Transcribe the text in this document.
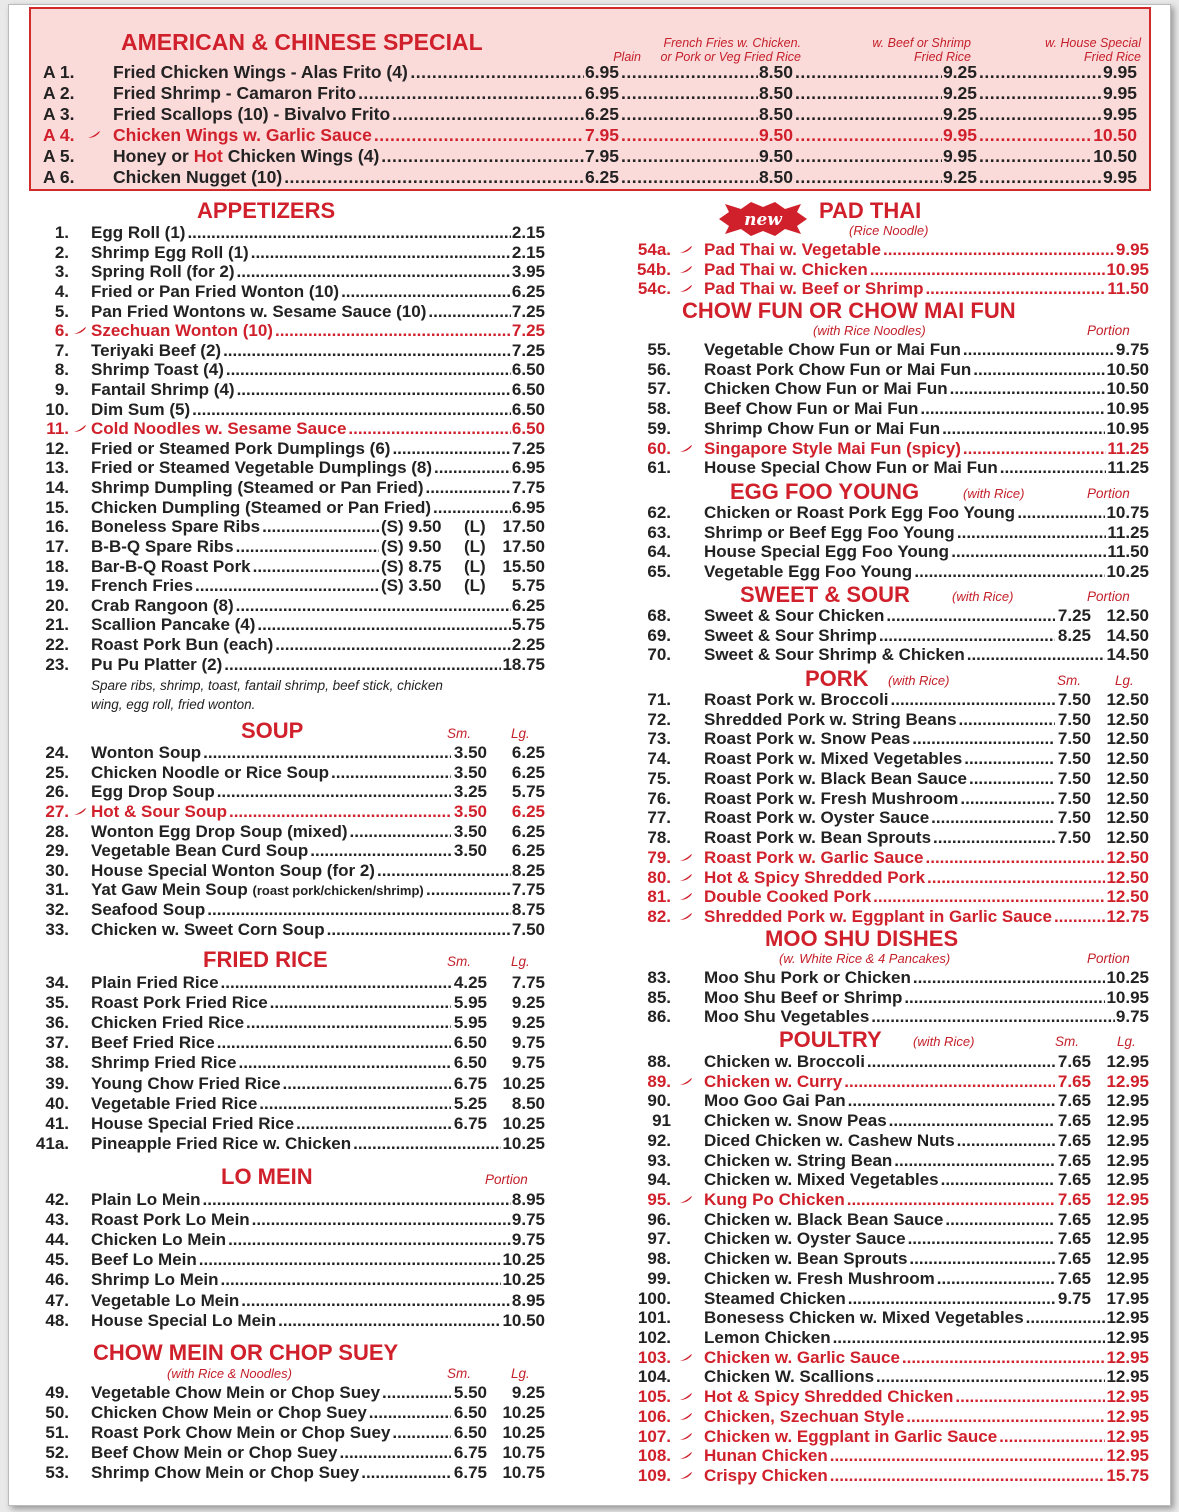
AMERICAN & CHINESE SPECIAL
Plain
French Fries w. Chicken.
or Pork or Veg Fried Rice
w. Beef or Shrimp
Fried Rice
w. House Special
Fried Rice
A 1.	Fried Chicken Wings - Alas Frito (4) .....	6.95 .....	8.50 .....	9.25 .....	9.95
A 2.	Fried Shrimp - Camaron Frito .....	6.95 .....	8.50 .....	9.25 .....	9.95
A 3.	Fried Scallops (10) - Bivalvo Frito .....	6.25 .....	8.50 .....	9.25 .....	9.95
A 4.	Chicken Wings w. Garlic Sauce .....	7.95 .....	9.50 .....	9.95 .....	10.50
A 5.	Honey or Hot Chicken Wings (4) .....	7.95 .....	9.50 .....	9.95 .....	10.50
A 6.	Chicken Nugget (10) .....	6.25 .....	8.50 .....	9.25 .....	9.95
APPETIZERS
Spare ribs, shrimp, toast, fantail shrimp, beef stick, chicken
wing, egg roll, fried wonton.
SOUP	Sm.	Lg.
FRIED RICE	Sm.	Lg.
LO MEIN	Portion
CHOW MEIN OR CHOP SUEY
(with Rice & Noodles)	Sm.	Lg.
new PAD THAI
(Rice Noodle)
CHOW FUN OR CHOW MAI FUN
(with Rice Noodles)	Portion
EGG FOO YOUNG	(with Rice)	Portion
SWEET & SOUR	(with Rice)	Portion
PORK (with Rice)	Sm.	Lg.
MOO SHU DISHES
(w. White Rice & 4 Pancakes)	Portion
POULTRY (with Rice)	Sm.	Lg.
1. Egg Roll (1) .....	2.15
2. Shrimp Egg Roll (1) .....	2.15
3. Spring Roll (for 2) .....	3.95
4. Fried or Pan Fried Wonton (10) .....	6.25
5. Pan Fried Wontons w. Sesame Sauce (10) .....	7.25
6. Szechuan Wonton (10) .....	7.25
7. Teriyaki Beef (2) .....	7.25
8. Shrimp Toast (4) .....	6.50
9. Fantail Shrimp (4) .....	6.50
10. Dim Sum (5) .....	6.50
11. Cold Noodles w. Sesame Sauce .....	6.50
12. Fried or Steamed Pork Dumplings (6) .....	7.25
13. Fried or Steamed Vegetable Dumplings (8) .....	6.95
14. Shrimp Dumpling (Steamed or Pan Fried) .....	7.75
15. Chicken Dumpling (Steamed or Pan Fried) .....	6.95
16. Boneless Spare Ribs .....	(S) 9.50 (L) 17.50
17. B-B-Q Spare Ribs .....	(S) 9.50 (L) 17.50
18. Bar-B-Q Roast Pork .....	(S) 8.75 (L) 15.50
19. French Fries .....	(S) 3.50 (L)	5.75
20. Crab Rangoon (8) .....	6.25
21. Scallion Pancake (4) .....	5.75
22. Roast Pork Bun (each) .....	2.25
23. Pu Pu Platter (2) .....	18.75
24. Wonton Soup .....	3.50	6.25
25. Chicken Noodle or Rice Soup .....	3.50	6.25
26. Egg Drop Soup .....	3.25	5.75
27. Hot & Sour Soup .....	3.50	6.25
28. Wonton Egg Drop Soup (mixed) .....	3.50	6.25
29. Vegetable Bean Curd Soup .....	3.50	6.25
30. House Special Wonton Soup (for 2) .....	8.25
31. Yat Gaw Mein Soup (roast pork/chicken/shrimp) .....	7.75
32. Seafood Soup .....	8.75
33. Chicken w. Sweet Corn Soup .....	7.50
34. Plain Fried Rice .....	4.25	7.75
35. Roast Pork Fried Rice .....	5.95	9.25
36. Chicken Fried Rice .....	5.95	9.25
37. Beef Fried Rice .....	6.50	9.75
38. Shrimp Fried Rice .....	6.50	9.75
39. Young Chow Fried Rice .....	6.75 10.25
40. Vegetable Fried Rice .....	5.25	8.50
41. House Special Fried Rice .....	6.75 10.25
41a. Pineapple Fried Rice w. Chicken .....	10.25
42. Plain Lo Mein .....	8.95
43. Roast Pork Lo Mein .....	9.75
44. Chicken Lo Mein .....	9.75
45. Beef Lo Mein .....	10.25
46. Shrimp Lo Mein .....	10.25
47. Vegetable Lo Mein .....	8.95
48. House Special Lo Mein .....	10.50
49. Vegetable Chow Mein or Chop Suey .....	5.50	9.25
50. Chicken Chow Mein or Chop Suey .....	6.50 10.25
51. Roast Pork Chow Mein or Chop Suey .....	6.50 10.25
52. Beef Chow Mein or Chop Suey .....	6.75 10.75
53. Shrimp Chow Mein or Chop Suey .....	6.75 10.75
54a. Pad Thai w. Vegetable .....	9.95
54b. Pad Thai w. Chicken .....	10.95
54c. Pad Thai w. Beef or Shrimp .....	11.50
55. Vegetable Chow Fun or Mai Fun .....	9.75
56. Roast Pork Chow Fun or Mai Fun .....	10.50
57. Chicken Chow Fun or Mai Fun .....	10.50
58. Beef Chow Fun or Mai Fun .....	10.95
59. Shrimp Chow Fun or Mai Fun .....	10.95
60. Singapore Style Mai Fun (spicy) .....	11.25
61. House Special Chow Fun or Mai Fun .....	11.25
62. Chicken or Roast Pork Egg Foo Young .....	10.75
63. Shrimp or Beef Egg Foo Young .....	11.25
64. House Special Egg Foo Young .....	11.50
65. Vegetable Egg Foo Young .....	10.25
68. Sweet & Sour Chicken .....	7.25 12.50
69. Sweet & Sour Shrimp .....	8.25 14.50
70. Sweet & Sour Shrimp & Chicken .....	14.50
71. Roast Pork w. Broccoli .....	7.50 12.50
72. Shredded Pork w. String Beans .....	7.50 12.50
73. Roast Pork w. Snow Peas .....	7.50 12.50
74. Roast Pork w. Mixed Vegetables .....	7.50 12.50
75. Roast Pork w. Black Bean Sauce .....	7.50 12.50
76. Roast Pork w. Fresh Mushroom .....	7.50 12.50
77. Roast Pork w. Oyster Sauce .....	7.50 12.50
78. Roast Pork w. Bean Sprouts .....	7.50 12.50
79. Roast Pork w. Garlic Sauce .....	12.50
80. Hot & Spicy Shredded Pork .....	12.50
81. Double Cooked Pork .....	12.50
82. Shredded Pork w. Eggplant in Garlic Sauce .....	12.75
83. Moo Shu Pork or Chicken .....	10.25
85. Moo Shu Beef or Shrimp .....	10.95
86. Moo Shu Vegetables .....	9.75
88. Chicken w. Broccoli .....	7.65 12.95
89. Chicken w. Curry .....	7.65 12.95
90. Moo Goo Gai Pan .....	7.65 12.95
91 Chicken w. Snow Peas .....	7.65 12.95
92. Diced Chicken w. Cashew Nuts .....	7.65 12.95
93. Chicken w. String Bean .....	7.65 12.95
94. Chicken w. Mixed Vegetables .....	7.65 12.95
95. Kung Po Chicken .....	7.65 12.95
96. Chicken w. Black Bean Sauce .....	7.65 12.95
97. Chicken w. Oyster Sauce .....	7.65 12.95
98. Chicken w. Bean Sprouts .....	7.65 12.95
99. Chicken w. Fresh Mushroom .....	7.65 12.95
100. Steamed Chicken .....	9.75 17.95
101. Bonesess Chicken w. Mixed Vegetables .....	12.95
102. Lemon Chicken .....	12.95
103. Chicken w. Garlic Sauce .....	12.95
104. Chicken W. Scallions .....	12.95
105. Hot & Spicy Shredded Chicken .....	12.95
106. Chicken, Szechuan Style .....	12.95
107. Chicken w. Eggplant in Garlic Sauce .....	12.95
108. Hunan Chicken .....	12.95
109. Crispy Chicken .....	15.75
